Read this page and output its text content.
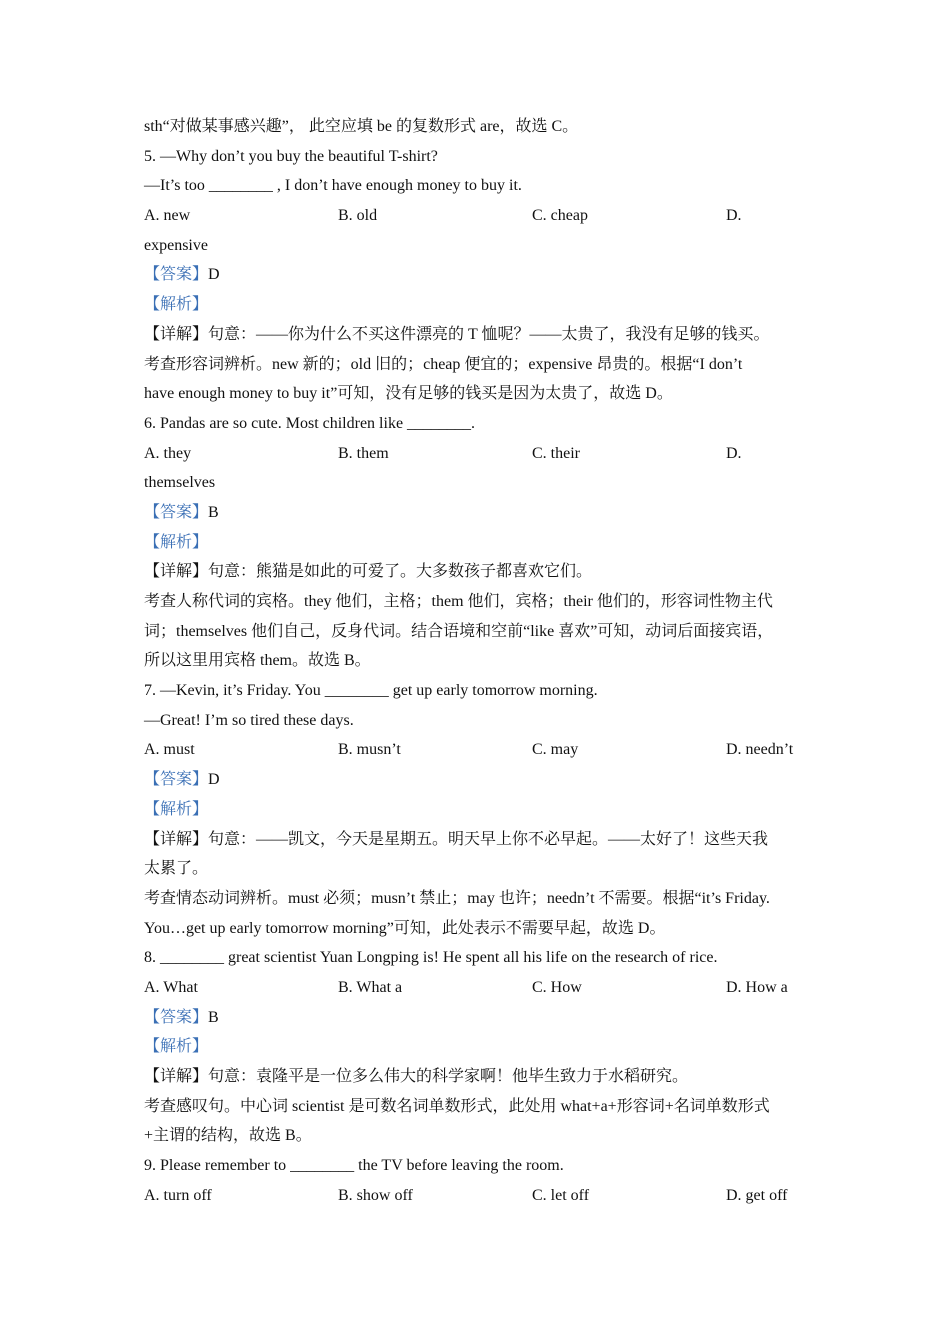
sth“对做某事感兴趣”， 此空应填 be 的复数形式 are，故选 C。
5. —Why don’t you buy the beautiful T-shirt?
—It’s too ________ , I don’t have enough money to buy it.
A. new	B. old	C. cheap	D.
expensive
【答案】D
【解析】
【详解】句意：——你为什么不买这件漂亮的 T 恤呢？——太贵了，我没有足够的钱买。
考查形容词辨析。new 新的；old 旧的；cheap 便宜的；expensive 昂贵的。根据“I don’t
have enough money to buy it”可知，没有足够的钱买是因为太贵了，故选 D。
6. Pandas are so cute. Most children like ________.
A. they	B. them	C. their	D.
themselves
【答案】B
【解析】
【详解】句意：熊猫是如此的可爱了。大多数孩子都喜欢它们。
考查人称代词的宾格。they 他们，主格；them 他们，宾格；their 他们的，形容词性物主代
词；themselves 他们自己，反身代词。结合语境和空前“like 喜欢”可知，动词后面接宾语，
所以这里用宾格 them。故选 B。
7. —Kevin, it’s Friday. You ________ get up early tomorrow morning.
—Great! I’m so tired these days.
A. must	B. musn’t	C. may	D. needn’t
【答案】D
【解析】
【详解】句意：——凯文，今天是星期五。明天早上你不必早起。——太好了！这些天我
太累了。
考查情态动词辨析。must 必须；musn’t 禁止；may 也许；needn’t 不需要。根据“it’s Friday.
You…get up early tomorrow morning”可知，此处表示不需要早起，故选 D。
8. ________ great scientist Yuan Longping is! He spent all his life on the research of rice.
A. What	B. What a	C. How	D. How a
【答案】B
【解析】
【详解】句意：袁隆平是一位多么伟大的科学家啊！他毕生致力于水稻研究。
考查感叹句。中心词 scientist 是可数名词单数形式，此处用 what+a+形容词+名词单数形式
+主谓的结构，故选 B。
9. Please remember to ________ the TV before leaving the room.
A. turn off	B. show off	C. let off	D. get off
